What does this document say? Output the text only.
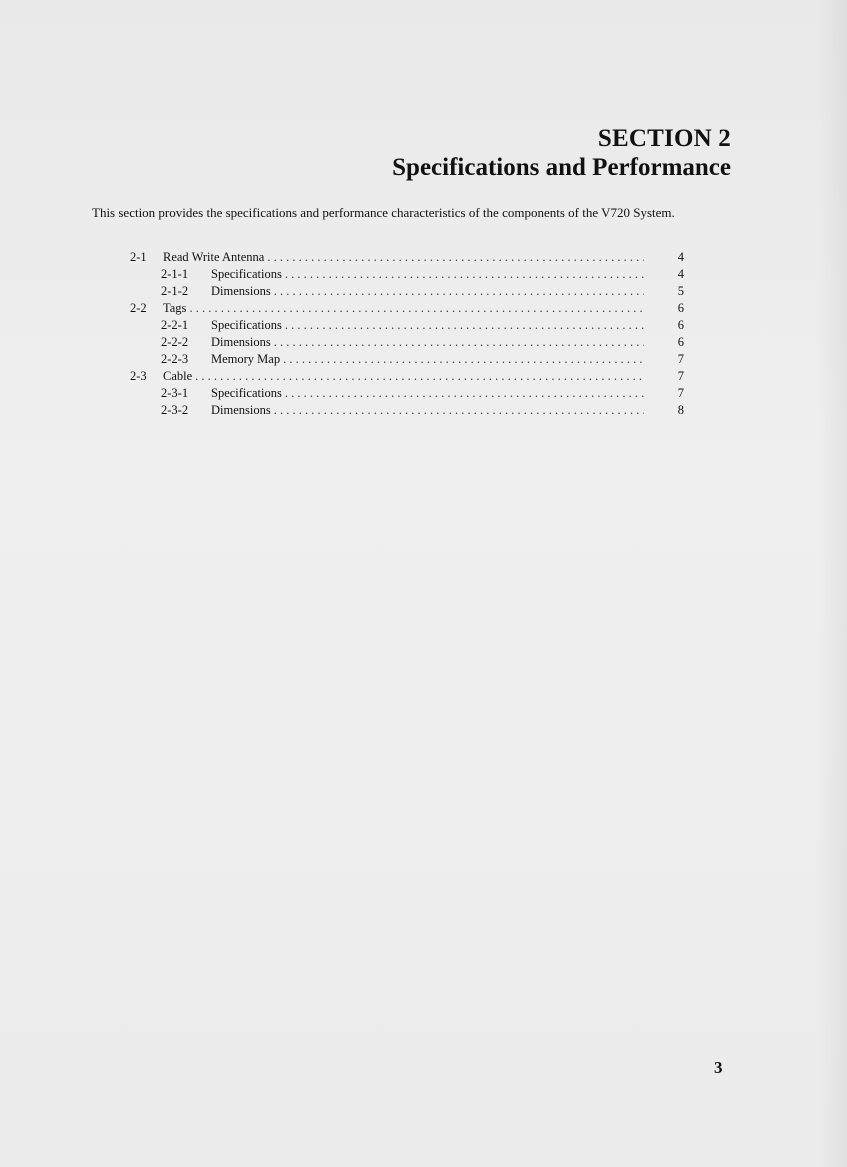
SECTION 2
Specifications and Performance
This section provides the specifications and performance characteristics of the components of the V720 System.
2-1	Read Write Antenna . . .	4
2-1-1	Specifications . . .	4
2-1-2	Dimensions . . .	5
2-2	Tags . . .	6
2-2-1	Specifications . . .	6
2-2-2	Dimensions . . .	6
2-2-3	Memory Map . . .	7
2-3	Cable . . .	7
2-3-1	Specifications . . .	7
2-3-2	Dimensions . . .	8
3
